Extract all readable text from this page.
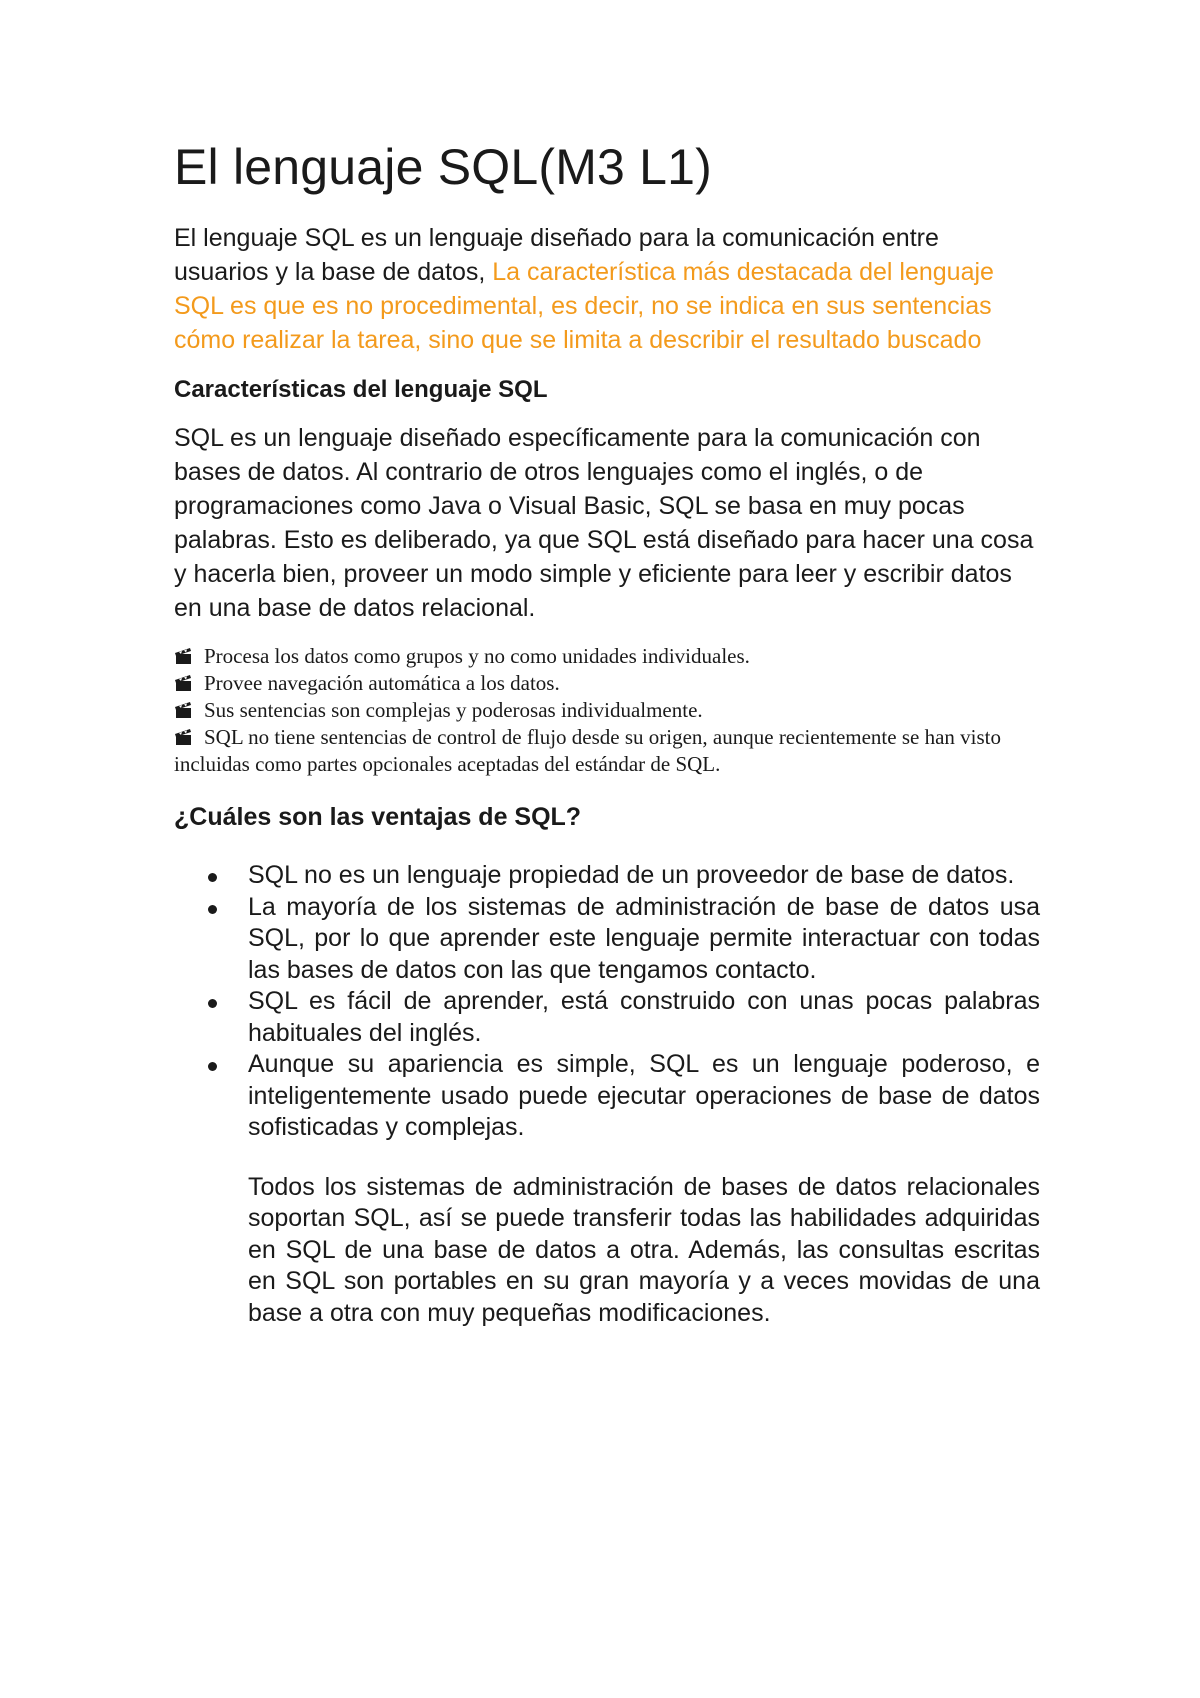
El lenguaje SQL(M3 L1)

El lenguaje SQL es un lenguaje diseñado para la comunicación entre usuarios y la base de datos, La característica más destacada del lenguaje SQL es que es no procedimental, es decir, no se indica en sus sentencias cómo realizar la tarea, sino que se limita a describir el resultado buscado

Características del lenguaje SQL

SQL es un lenguaje diseñado específicamente para la comunicación con bases de datos. Al contrario de otros lenguajes como el inglés, o de programaciones como Java o Visual Basic, SQL se basa en muy pocas palabras. Esto es deliberado, ya que SQL está diseñado para hacer una cosa y hacerla bien, proveer un modo simple y eficiente para leer y escribir datos en una base de datos relacional.

Procesa los datos como grupos y no como unidades individuales.
Provee navegación automática a los datos.
Sus sentencias son complejas y poderosas individualmente.
SQL no tiene sentencias de control de flujo desde su origen, aunque recientemente se han visto incluidas como partes opcionales aceptadas del estándar de SQL.
¿Cuáles son las ventajas de SQL?
SQL no es un lenguaje propiedad de un proveedor de base de datos.
La mayoría de los sistemas de administración de base de datos usa SQL, por lo que aprender este lenguaje permite interactuar con todas las bases de datos con las que tengamos contacto.
SQL es fácil de aprender, está construido con unas pocas palabras habituales del inglés.
Aunque su apariencia es simple, SQL es un lenguaje poderoso, e inteligentemente usado puede ejecutar operaciones de base de datos sofisticadas y complejas.

Todos los sistemas de administración de bases de datos relacionales soportan SQL, así se puede transferir todas las habilidades adquiridas en SQL de una base de datos a otra. Además, las consultas escritas en SQL son portables en su gran mayoría y a veces movidas de una base a otra con muy pequeñas modificaciones.
